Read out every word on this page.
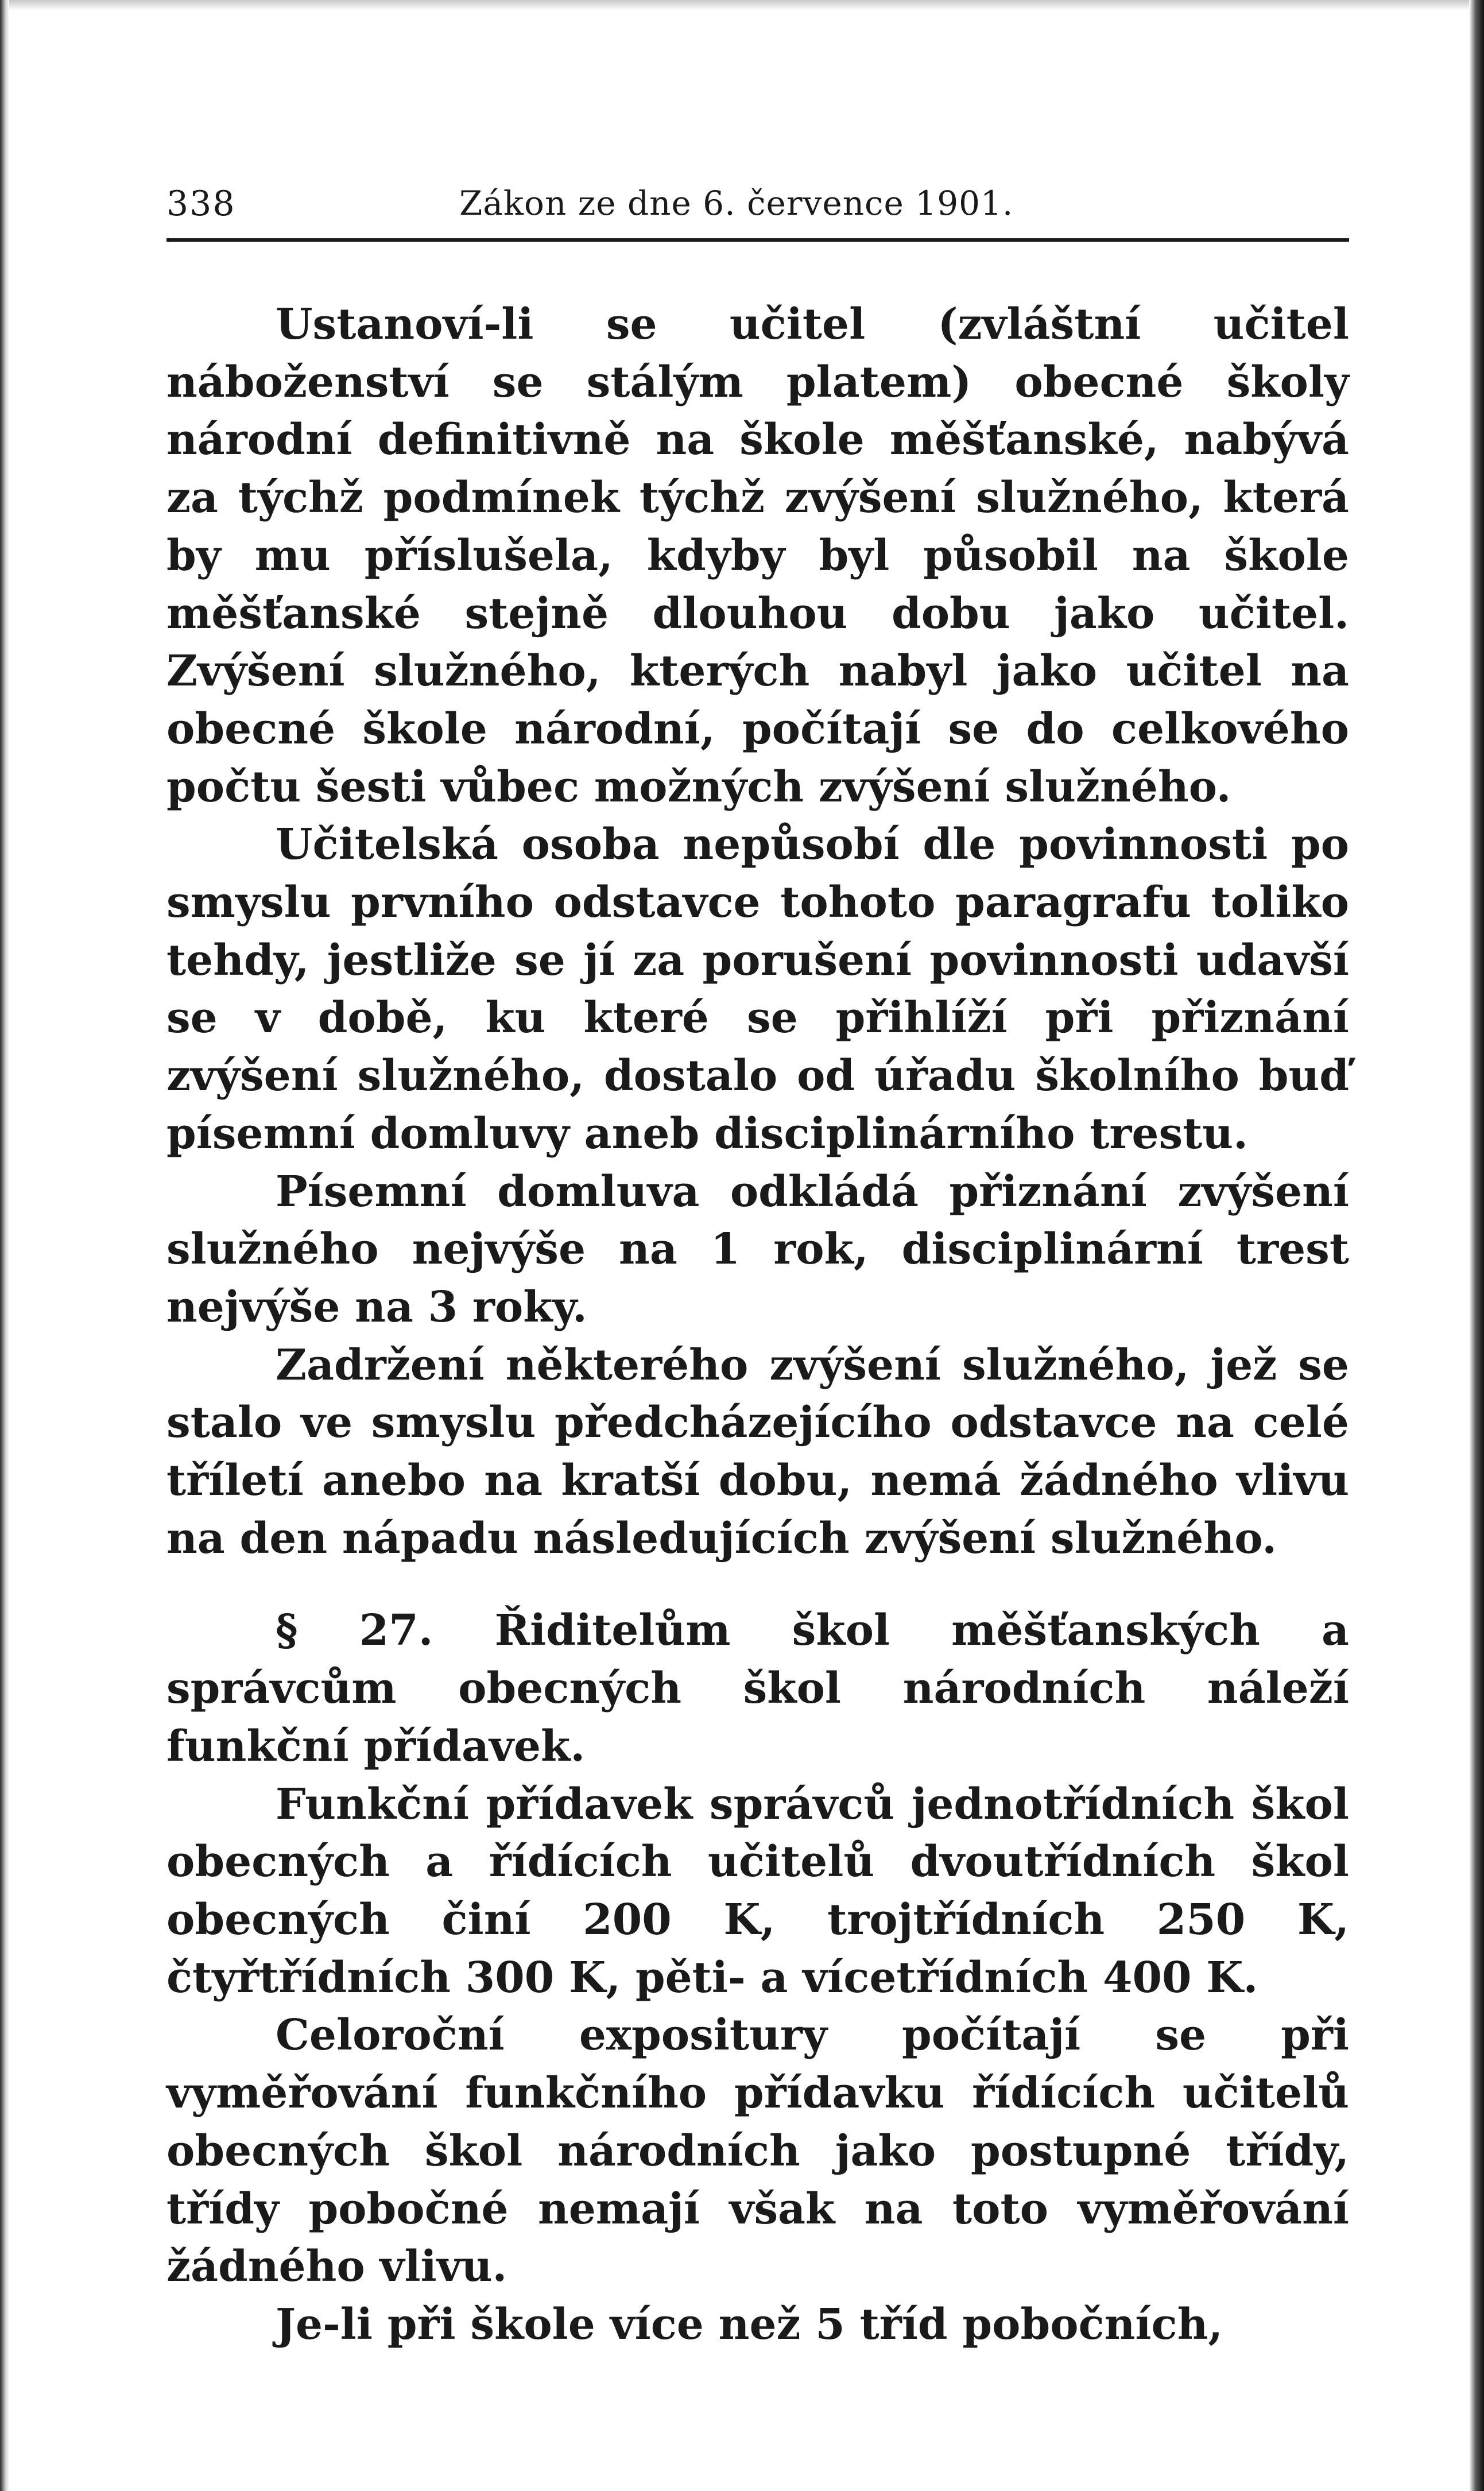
338	Zákon ze dne 6. července 1901.

Ustanoví-li se učitel (zvláštní učitel náboženství se stálým platem) obecné školy národní definitivně na škole měšťanské, nabývá za týchž podmínek týchž zvýšení služného, která by mu příslušela, kdyby byl působil na škole měšťanské stejně dlouhou dobu jako učitel. Zvýšení služného, kterých nabyl jako učitel na obecné škole národní, počítají se do celkového počtu šesti vůbec možných zvýšení služného.

Učitelská osoba nepůsobí dle povinnosti po smyslu prvního odstavce tohoto paragrafu toliko tehdy, jestliže se jí za porušení povinnosti udavší se v době, ku které se přihlíží při přiznání zvýšení služného, dostalo od úřadu školního buď písemní domluvy aneb disciplinárního trestu.

Písemní domluva odkládá přiznání zvýšení služného nejvýše na 1 rok, disciplinární trest nejvýše na 3 roky.

Zadržení některého zvýšení služného, jež se stalo ve smyslu předcházejícího odstavce na celé tříletí anebo na kratší dobu, nemá žádného vlivu na den nápadu následujících zvýšení služného.

§ 27. Řiditelům škol měšťanských a správcům obecných škol národních náleží funkční přídavek.

Funkční přídavek správců jednotřídních škol obecných a řídících učitelů dvoutřídních škol obecných činí 200 K, trojtřídních 250 K, čtyřtřídních 300 K, pěti- a vícetřídních 400 K.

Celoroční expositury počítají se při vyměřování funkčního přídavku řídících učitelů obecných škol národních jako postupné třídy, třídy pobočné nemají však na toto vyměřování žádného vlivu.

Je-li při škole více než 5 tříd pobočních,
